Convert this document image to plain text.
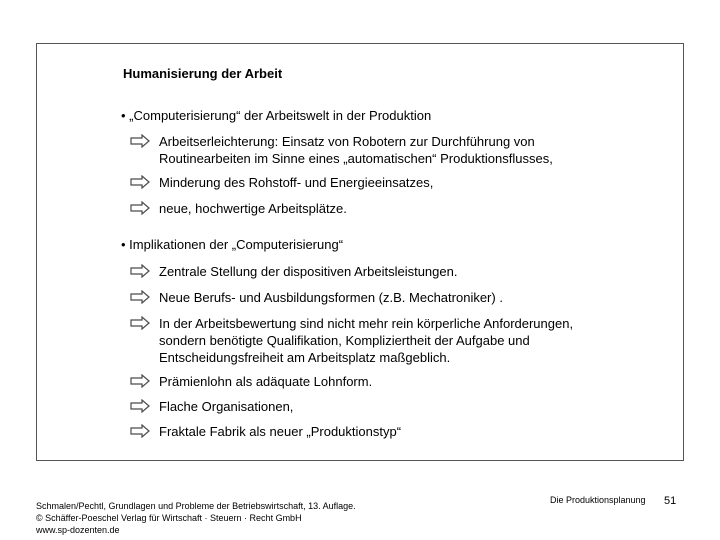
Humanisierung der Arbeit
• „Computerisierung“ der Arbeitswelt in der Produktion
Arbeitserleichterung: Einsatz von Robotern zur Durchführung von
Routinearbeiten im Sinne eines „automatischen“ Produktionsflusses,
Minderung des Rohstoff- und Energieeinsatzes,
neue, hochwertige Arbeitsplätze.
• Implikationen der „Computerisierung“
Zentrale Stellung der dispositiven Arbeitsleistungen.
Neue Berufs- und Ausbildungsformen (z.B. Mechatroniker) .
In der Arbeitsbewertung sind nicht mehr rein körperliche Anforderungen,
sondern benötigte Qualifikation, Kompliziertheit der Aufgabe und
Entscheidungsfreiheit am Arbeitsplatz maßgeblich.
Prämienlohn als adäquate Lohnform.
Flache Organisationen,
Fraktale Fabrik als neuer „Produktionstyp“
Schmalen/Pechtl, Grundlagen und Probleme der Betriebswirtschaft, 13. Auflage.
© Schäffer-Poeschel Verlag für Wirtschaft · Steuern · Recht GmbH
www.sp-dozenten.de
Die Produktionsplanung 51
